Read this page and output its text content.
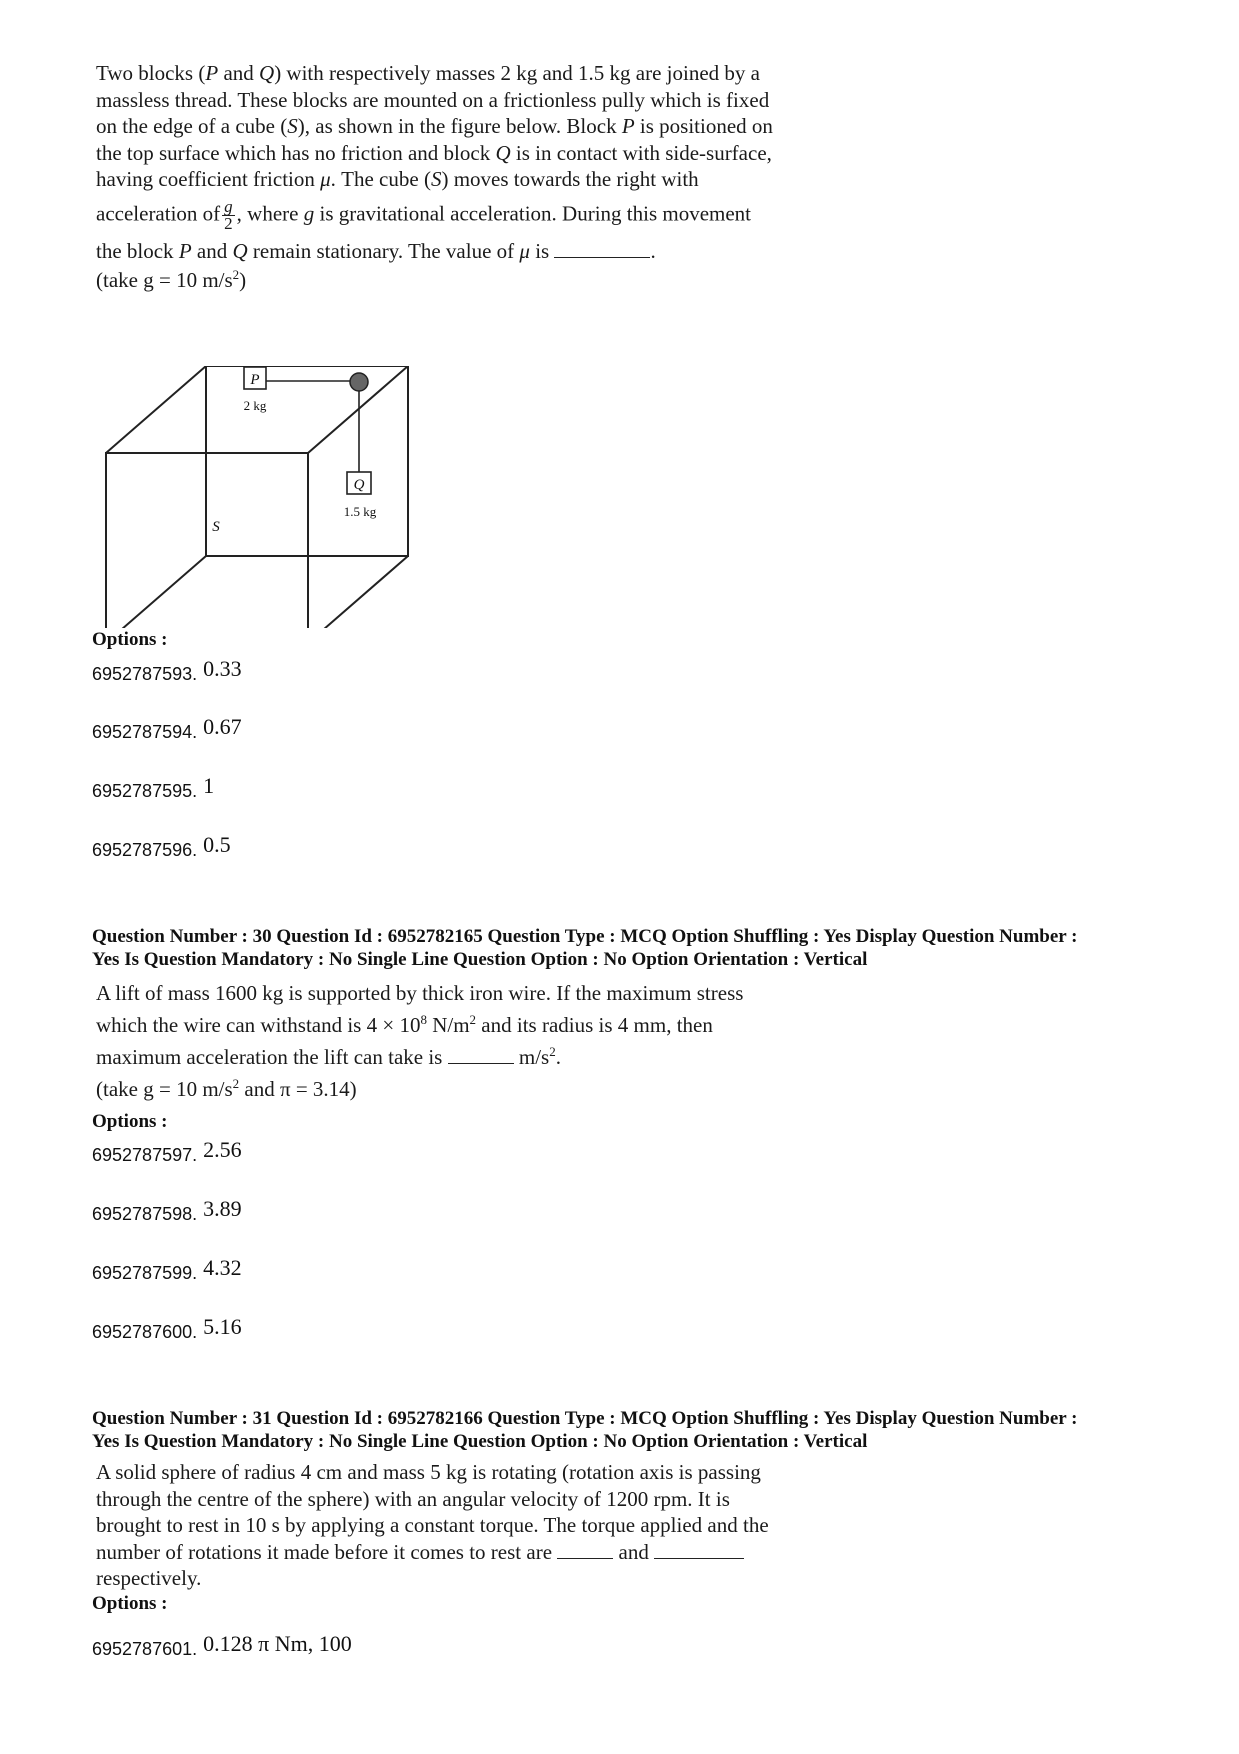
Two blocks (P and Q) with respectively masses 2 kg and 1.5 kg are joined by a

massless thread. These blocks are mounted on a frictionless pully which is fixed

on the edge of a cube (S), as shown in the figure below. Block P is positioned on

the top surface which has no friction and block Q is in contact with side-surface,

having coefficient friction μ. The cube (S) moves towards the right with

acceleration of $\frac{g}{2}$ , where g is gravitational acceleration. During this movement

the block P and Q remain stationary. The value of μ is	.

(take g = 10 $m/s^2$)

P
2 kg
Q
1.5 kg
S
Options :
6952787593. 0.33
6952787594. 0.67
6952787595. 1
6952787596. 0.5
Question Number : 30 Question Id : 6952782165 Question Type : MCQ Option Shuffling : Yes Display Question Number :
Yes Is Question Mandatory : No Single Line Question Option : No Option Orientation : Vertical

A lift of mass 1600 kg is supported by thick iron wire. If the maximum stress

which the wire can withstand is $4 \times 10^8$ $N/m^2$ and its radius is 4 mm, then

maximum acceleration the lift can take is	$m/s^2$.

(take g = 10 $m/s^2$ and π = 3.14)

Options :
6952787597. 2.56
6952787598. 3.89
6952787599. 4.32
6952787600. 5.16
Question Number : 31 Question Id : 6952782166 Question Type : MCQ Option Shuffling : Yes Display Question Number :
Yes Is Question Mandatory : No Single Line Question Option : No Option Orientation : Vertical

A solid sphere of radius 4 cm and mass 5 kg is rotating (rotation axis is passing

through the centre of the sphere) with an angular velocity of 1200 rpm. It is

brought to rest in 10 s by applying a constant torque. The torque applied and the

number of rotations it made before it comes to rest are	and

respectively.

Options :
6952787601. 0.128 π Nm, 100
